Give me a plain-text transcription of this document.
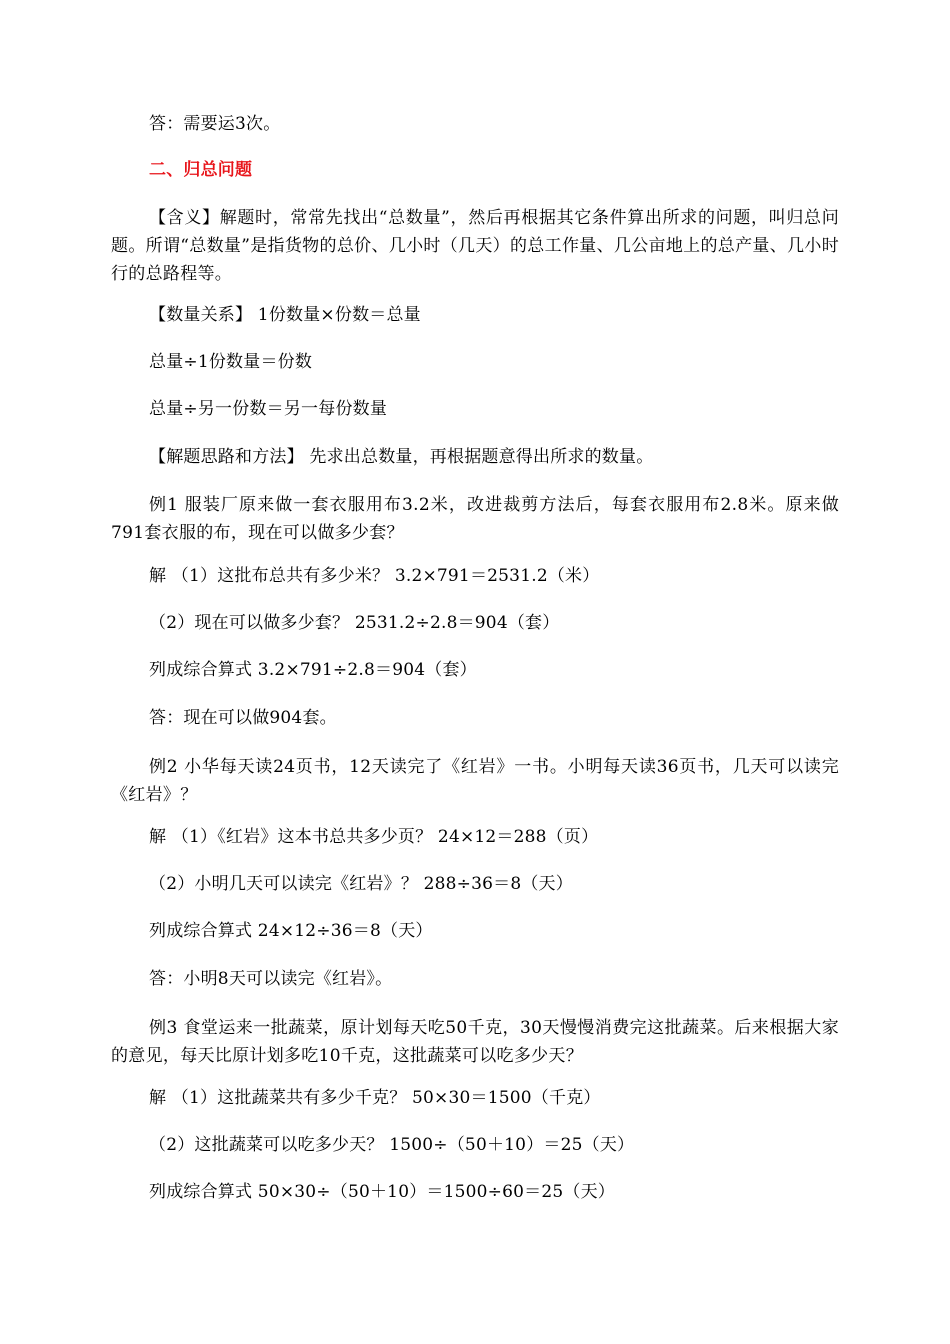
答：需要运3次。
二、归总问题
【含义】解题时，常常先找出“总数量”，然后再根据其它条件算出所求的问题，叫归总问题。所谓“总数量”是指货物的总价、几小时（几天）的总工作量、几公亩地上的总产量、几小时行的总路程等。
【数量关系】 1份数量×份数＝总量
总量÷1份数量＝份数
总量÷另一份数＝另一每份数量
【解题思路和方法】 先求出总数量，再根据题意得出所求的数量。
例1 服装厂原来做一套衣服用布3.2米，改进裁剪方法后，每套衣服用布2.8米。原来做791套衣服的布，现在可以做多少套？
解 （1）这批布总共有多少米？ 3.2×791＝2531.2（米）
（2）现在可以做多少套？ 2531.2÷2.8＝904（套）
列成综合算式 3.2×791÷2.8＝904（套）
答：现在可以做904套。
例2 小华每天读24页书，12天读完了《红岩》一书。小明每天读36页书，几天可以读完《红岩》？
解 （1）《红岩》这本书总共多少页？ 24×12＝288（页）
（2）小明几天可以读完《红岩》？ 288÷36＝8（天）
列成综合算式 24×12÷36＝8（天）
答：小明8天可以读完《红岩》。
例3 食堂运来一批蔬菜，原计划每天吃50千克，30天慢慢消费完这批蔬菜。后来根据大家的意见，每天比原计划多吃10千克，这批蔬菜可以吃多少天？
解 （1）这批蔬菜共有多少千克？ 50×30＝1500（千克）
（2）这批蔬菜可以吃多少天？ 1500÷（50＋10）＝25（天）
列成综合算式 50×30÷（50＋10）＝1500÷60＝25（天）
